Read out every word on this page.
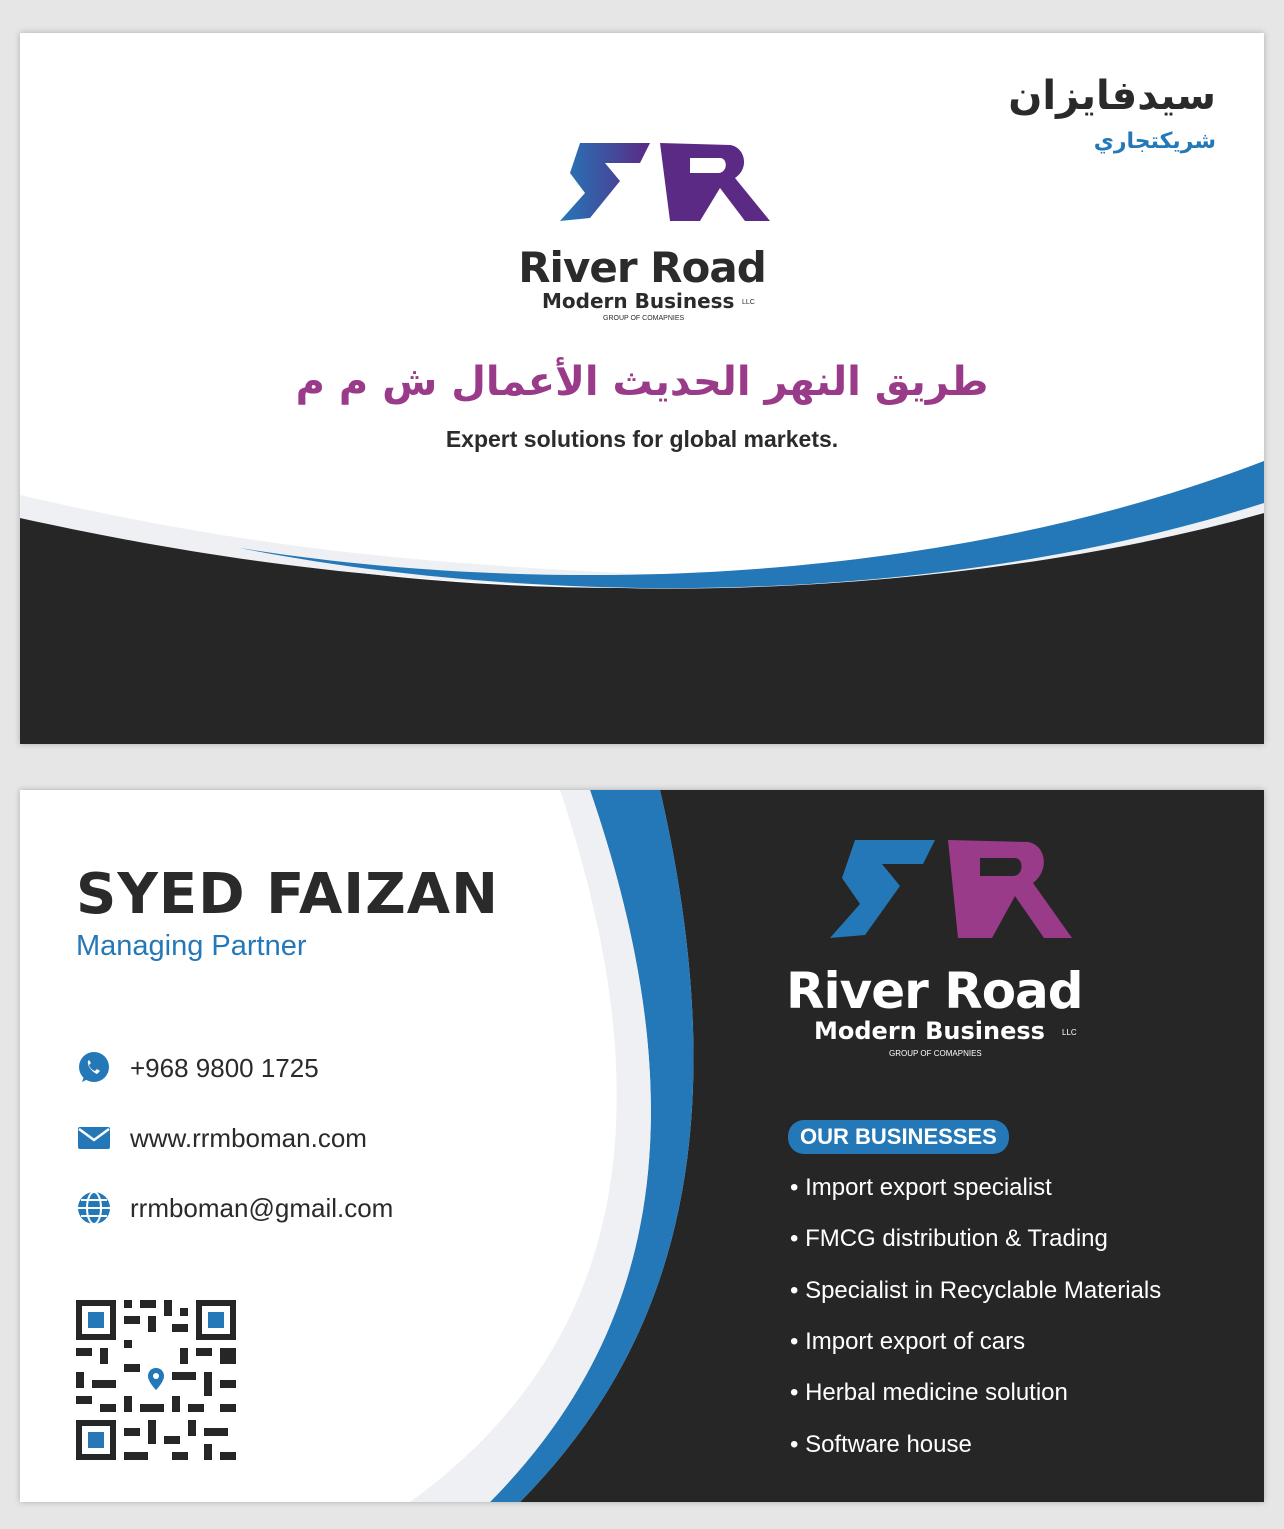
سيدفايزان
شريكتجاري
River Road
Modern Business LLC
GROUP OF COMAPNIES
طريق النهر الحديث الأعمال ش م م
Expert solutions for global markets.
SYED FAIZAN
Managing Partner
+968 9800 1725
www.rrmboman.com
rrmboman@gmail.com
River Road
Modern Business LLC
GROUP OF COMAPNIES
OUR BUSINESSES
• Import export specialist
• FMCG distribution & Trading
• Specialist in Recyclable Materials
• Import export of cars
• Herbal medicine solution
• Software house
